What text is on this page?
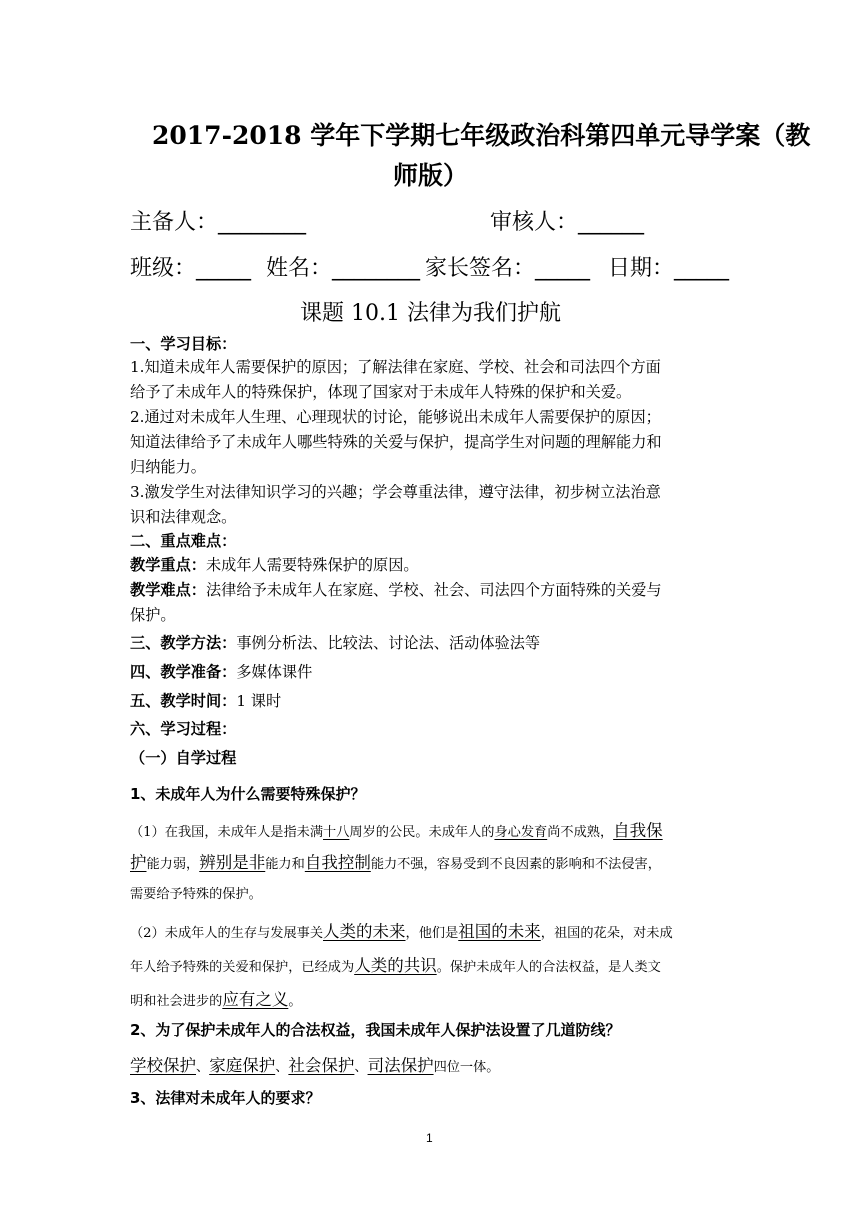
2017-2018 学年下学期七年级政治科第四单元导学案（教
师版）
主备人：________	审核人：______
班级：_____ 姓名：________ 家长签名：_____ 日期：_____
课题 10.1 法律为我们护航
一、学习目标：
1.知道未成年人需要保护的原因；了解法律在家庭、学校、社会和司法四个方面
给予了未成年人的特殊保护，体现了国家对于未成年人特殊的保护和关爱。
2.通过对未成年人生理、心理现状的讨论，能够说出未成年人需要保护的原因；
知道法律给予了未成年人哪些特殊的关爱与保护，提高学生对问题的理解能力和
归纳能力。
3.激发学生对法律知识学习的兴趣；学会尊重法律，遵守法律，初步树立法治意
识和法律观念。
二、重点难点：
教学重点：未成年人需要特殊保护的原因。
教学难点：法律给予未成年人在家庭、学校、社会、司法四个方面特殊的关爱与
保护。
三、教学方法：事例分析法、比较法、讨论法、活动体验法等
四、教学准备：多媒体课件
五、教学时间：1 课时
六、学习过程：
（一）自学过程
1、未成年人为什么需要特殊保护？
（1）在我国，未成年人是指未满十八周岁的公民。未成年人的身心发育尚不成熟，自我保
护能力弱，辨别是非能力和自我控制能力不强，容易受到不良因素的影响和不法侵害，
需要给予特殊的保护。
（2）未成年人的生存与发展事关人类的未来，他们是祖国的未来，祖国的花朵，对未成
年人给予特殊的关爱和保护，已经成为人类的共识。保护未成年人的合法权益，是人类文
明和社会进步的应有之义。
2、为了保护未成年人的合法权益，我国未成年人保护法设置了几道防线？
学校保护、家庭保护、社会保护、司法保护四位一体。
3、法律对未成年人的要求？
1
